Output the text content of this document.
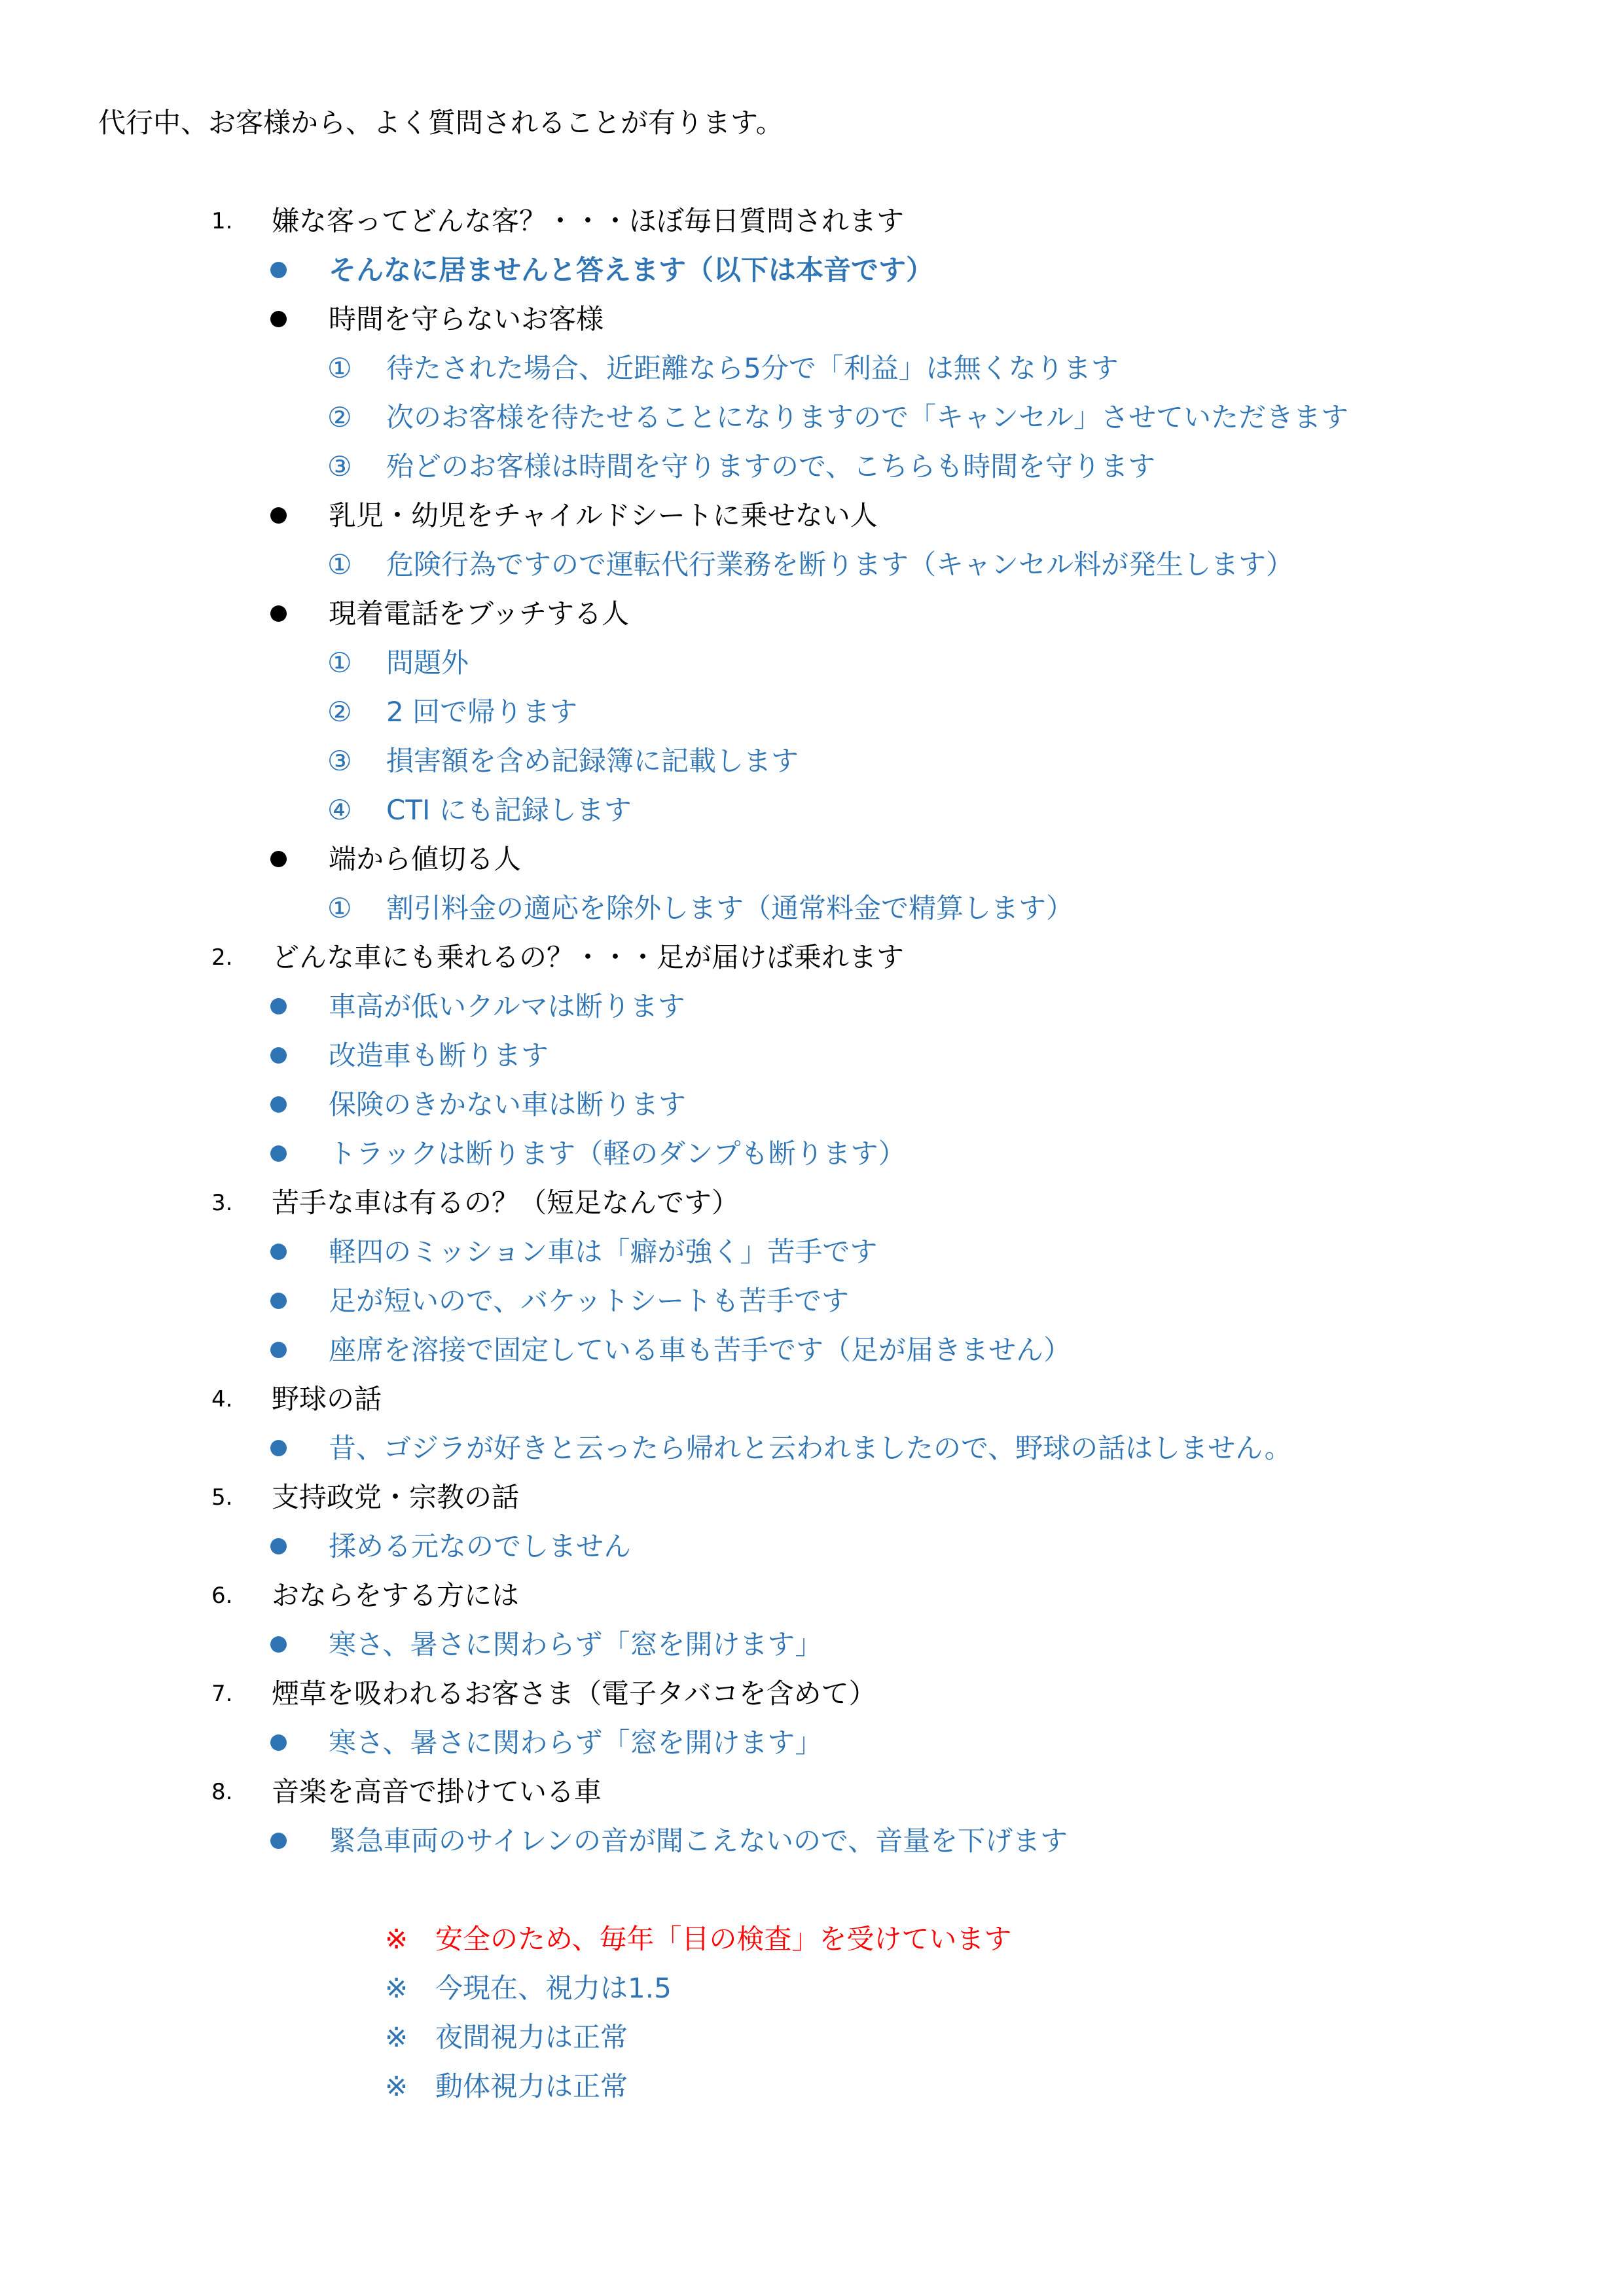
代行中、お客様から、よく質問されることが有ります。
1. 嫌な客ってどんな客？・・・ほぼ毎日質問されます
そんなに居ませんと答えます（以下は本音です）
時間を守らないお客様
① 待たされた場合、近距離なら5分で「利益」は無くなります
② 次のお客様を待たせることになりますので「キャンセル」させていただきます
③ 殆どのお客様は時間を守りますので、こちらも時間を守ります
乳児・幼児をチャイルドシートに乗せない人
① 危険行為ですので運転代行業務を断ります（キャンセル料が発生します）
現着電話をブッチする人
① 問題外
② 2 回で帰ります
③ 損害額を含め記録簿に記載します
④ CTI にも記録します
端から値切る人
① 割引料金の適応を除外します（通常料金で精算します）
2. どんな車にも乗れるの？・・・足が届けば乗れます
車高が低いクルマは断ります
改造車も断ります
保険のきかない車は断ります
トラックは断ります（軽のダンプも断ります）
3. 苦手な車は有るの？（短足なんです）
軽四のミッション車は「癖が強く」苦手です
足が短いので、バケットシートも苦手です
座席を溶接で固定している車も苦手です（足が届きません）
4. 野球の話
昔、ゴジラが好きと云ったら帰れと云われましたので、野球の話はしません。
5. 支持政党・宗教の話
揉める元なのでしません
6. おならをする方には
寒さ、暑さに関わらず「窓を開けます」
7. 煙草を吸われるお客さま（電子タバコを含めて）
寒さ、暑さに関わらず「窓を開けます」
8. 音楽を高音で掛けている車
緊急車両のサイレンの音が聞こえないので、音量を下げます
※ 安全のため、毎年「目の検査」を受けています
※ 今現在、視力は1.5
※ 夜間視力は正常
※ 動体視力は正常
